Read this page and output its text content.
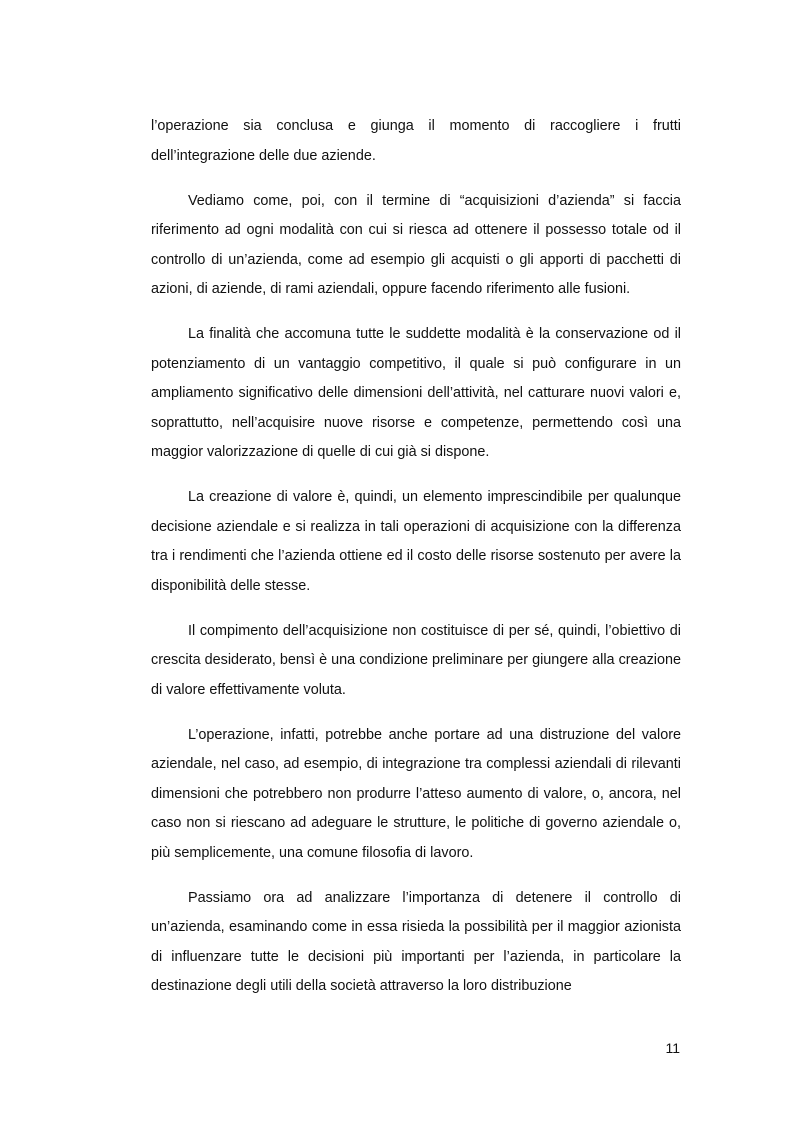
l’operazione sia conclusa e giunga il momento di raccogliere i frutti dell’integrazione delle due aziende.

Vediamo come, poi, con il termine di “acquisizioni d’azienda” si faccia riferimento ad ogni modalità con cui si riesca ad ottenere il possesso totale od il controllo di un’azienda, come ad esempio gli acquisti o gli apporti di pacchetti di azioni, di aziende, di rami aziendali, oppure facendo riferimento alle fusioni.

La finalità che accomuna tutte le suddette modalità è la conservazione od il potenziamento di un vantaggio competitivo, il quale si può configurare in un ampliamento significativo delle dimensioni dell’attività, nel catturare nuovi valori e, soprattutto, nell’acquisire nuove risorse e competenze, permettendo così una maggior valorizzazione di quelle di cui già si dispone.

La creazione di valore è, quindi, un elemento imprescindibile per qualunque decisione aziendale e si realizza in tali operazioni di acquisizione con la differenza tra i rendimenti che l’azienda ottiene ed il costo delle risorse sostenuto per avere la disponibilità delle stesse.

Il compimento dell’acquisizione non costituisce di per sé, quindi, l’obiettivo di crescita desiderato, bensì è una condizione preliminare per giungere alla creazione di valore effettivamente voluta.

L’operazione, infatti, potrebbe anche portare ad una distruzione del valore aziendale, nel caso, ad esempio, di integrazione tra complessi aziendali di rilevanti dimensioni che potrebbero non produrre l’atteso aumento di valore, o, ancora, nel caso non si riescano ad adeguare le strutture, le politiche di governo aziendale o, più semplicemente, una comune filosofia di lavoro.

Passiamo ora ad analizzare l’importanza di detenere il controllo di un’azienda, esaminando come in essa risieda la possibilità per il maggior azionista di influenzare tutte le decisioni più importanti per l’azienda, in particolare la destinazione degli utili della società attraverso la loro distribuzione

11
